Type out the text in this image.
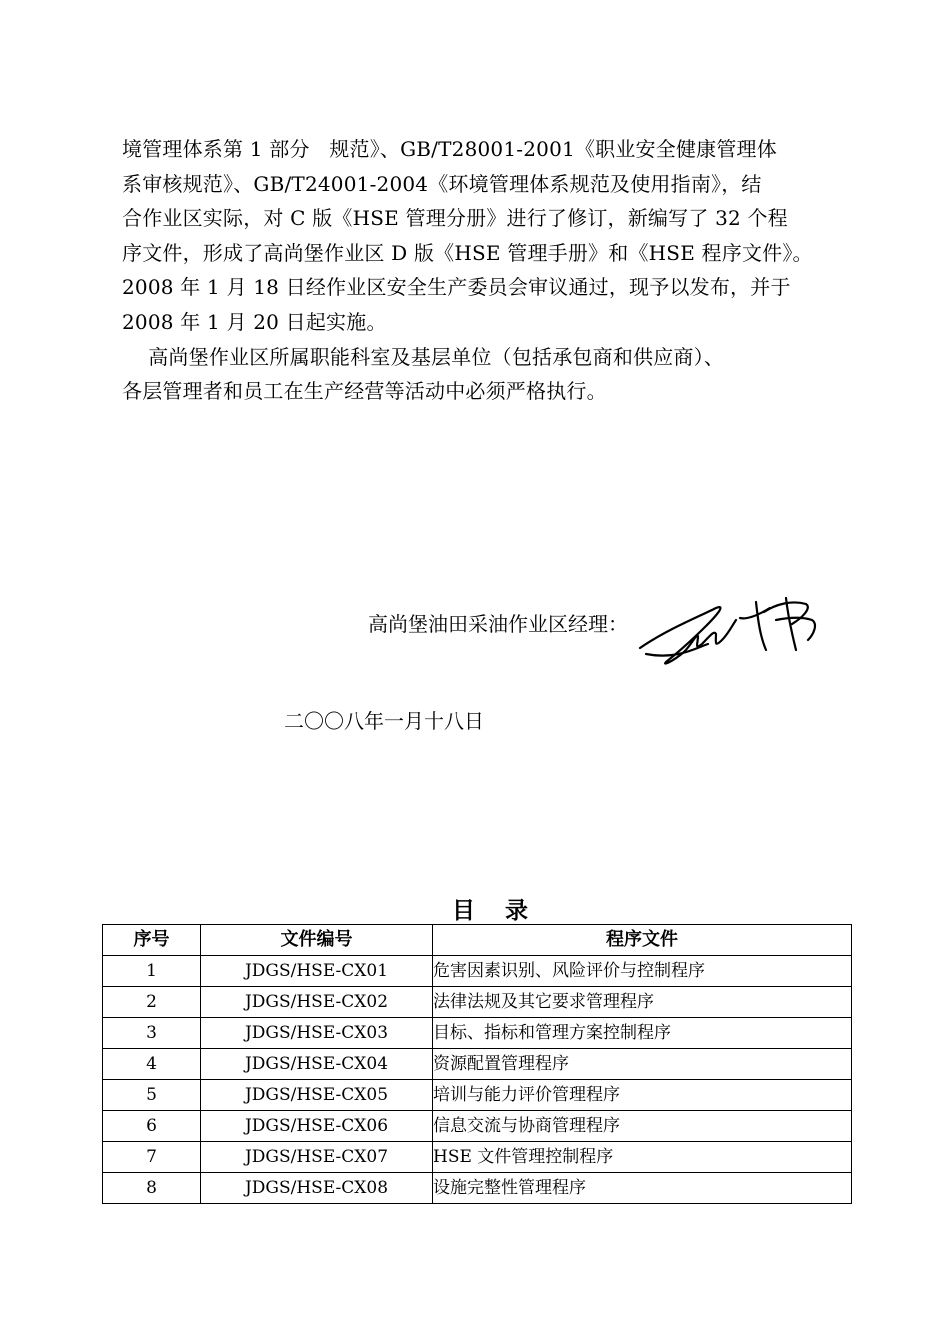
境管理体系第 1 部分   规范》、GB/T28001-2001《职业安全健康管理体
系审核规范》、GB/T24001-2004《环境管理体系规范及使用指南》，结
合作业区实际，对 C 版《HSE 管理分册》进行了修订，新编写了 32 个程
序文件，形成了高尚堡作业区 D 版《HSE 管理手册》和《HSE 程序文件》。
2008 年 1 月 18 日经作业区安全生产委员会审议通过，现予以发布，并于
2008 年 1 月 20 日起实施。
高尚堡作业区所属职能科室及基层单位（包括承包商和供应商）、
各层管理者和员工在生产经营等活动中必须严格执行。
高尚堡油田采油作业区经理：
二〇〇八年一月十八日
目录
序号	文件编号	程序文件
1	JDGS/HSE-CX01	危害因素识别、风险评价与控制程序
2	JDGS/HSE-CX02	法律法规及其它要求管理程序
3	JDGS/HSE-CX03	目标、指标和管理方案控制程序
4	JDGS/HSE-CX04	资源配置管理程序
5	JDGS/HSE-CX05	培训与能力评价管理程序
6	JDGS/HSE-CX06	信息交流与协商管理程序
7	JDGS/HSE-CX07	HSE 文件管理控制程序
8	JDGS/HSE-CX08	设施完整性管理程序
